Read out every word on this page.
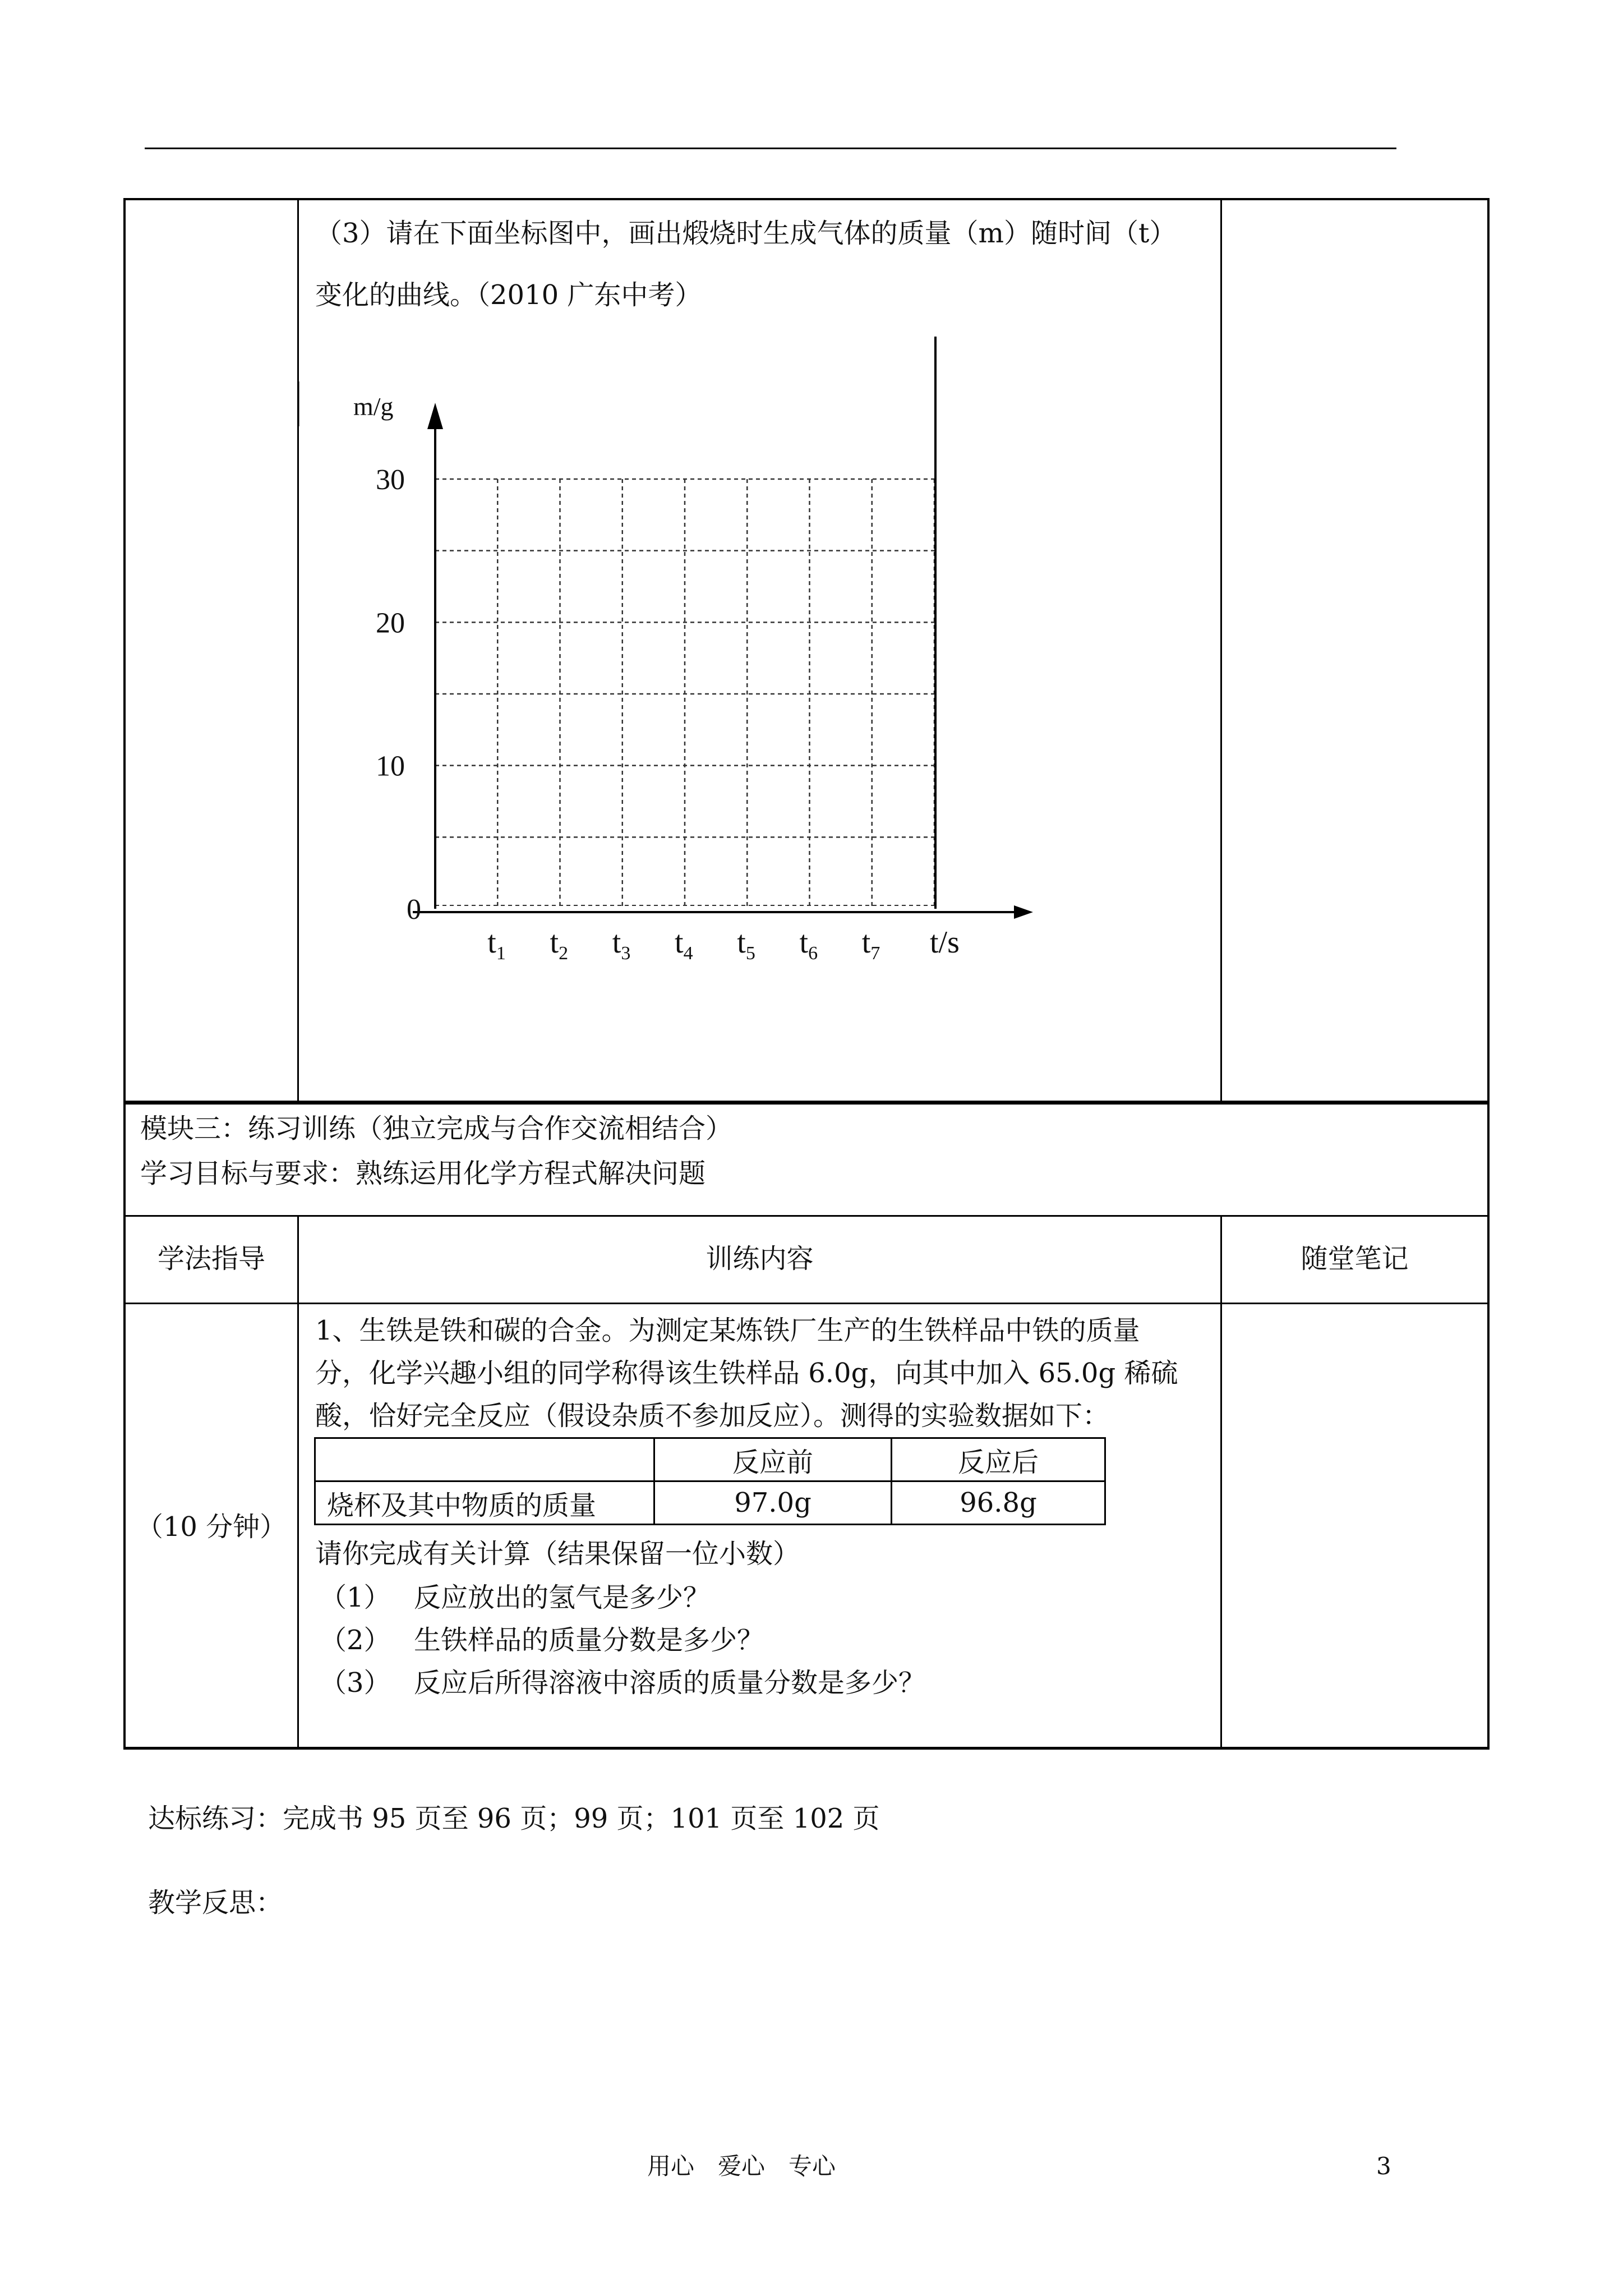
（3）请在下面坐标图中，画出煅烧时生成气体的质量（m）随时间（t）
变化的曲线。（2010 广东中考）
m/g
0
10
20
30
$t_1$ $t_2$ $t_3$ $t_4$ $t_5$ $t_6$ $t_7$ t/s
模块三：练习训练（独立完成与合作交流相结合）
学习目标与要求：熟练运用化学方程式解决问题
学法指导	训练内容	随堂笔记
（10 分钟）
1、生铁是铁和碳的合金。为测定某炼铁厂生产的生铁样品中铁的质量
分，化学兴趣小组的同学称得该生铁样品 6.0g，向其中加入 65.0g 稀硫
酸，恰好完全反应（假设杂质不参加反应）。测得的实验数据如下：
	反应前	反应后
烧杯及其中物质的质量	97.0g	96.8g
请你完成有关计算（结果保留一位小数）
（1） 反应放出的氢气是多少？
（2） 生铁样品的质量分数是多少？
（3） 反应后所得溶液中溶质的质量分数是多少？
达标练习：完成书 95 页至 96 页；99 页；101 页至 102 页
教学反思：
用心　爱心　专心	3
